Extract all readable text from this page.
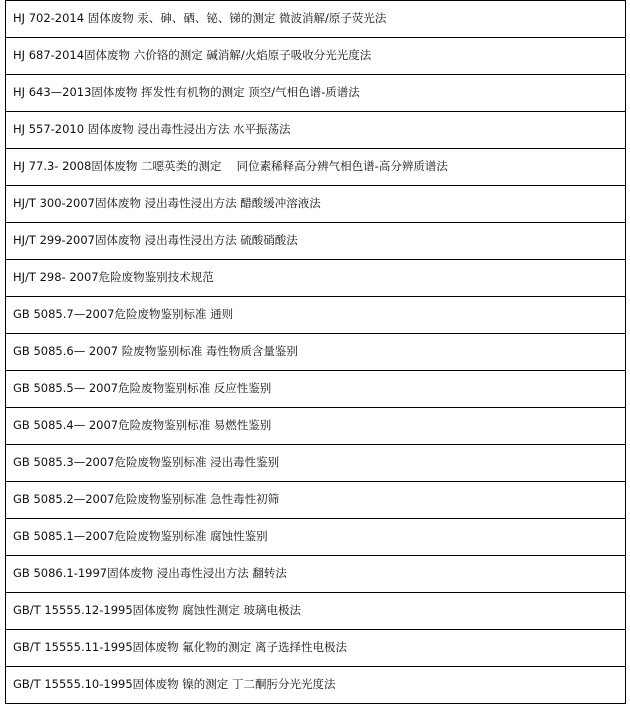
HJ 702-2014 固体废物 汞、砷、硒、铋、锑的测定 微波消解/原子荧光法
HJ 687-2014固体废物 六价铬的测定 碱消解/火焰原子吸收分光光度法
HJ 643—2013固体废物 挥发性有机物的测定 顶空/气相色谱-质谱法
HJ 557-2010 固体废物 浸出毒性浸出方法 水平振荡法
HJ 77.3- 2008固体废物 二噁英类的测定　 同位素稀释高分辨气相色谱-高分辨质谱法
HJ/T 300-2007固体废物 浸出毒性浸出方法 醋酸缓冲溶液法
HJ/T 299-2007固体废物 浸出毒性浸出方法 硫酸硝酸法
HJ/T 298- 2007危险废物鉴别技术规范
GB 5085.7—2007危险废物鉴别标准 通则
GB 5085.6— 2007 险废物鉴别标准 毒性物质含量鉴别
GB 5085.5— 2007危险废物鉴别标准 反应性鉴别
GB 5085.4— 2007危险废物鉴别标准 易燃性鉴别
GB 5085.3—2007危险废物鉴别标准 浸出毒性鉴别
GB 5085.2—2007危险废物鉴别标准 急性毒性初筛
GB 5085.1—2007危险废物鉴别标准 腐蚀性鉴别
GB 5086.1-1997固体废物 浸出毒性浸出方法 翻转法
GB/T 15555.12-1995固体废物 腐蚀性测定 玻璃电极法
GB/T 15555.11-1995固体废物 氟化物的测定 离子选择性电极法
GB/T 15555.10-1995固体废物 镍的测定 丁二酮肟分光光度法
